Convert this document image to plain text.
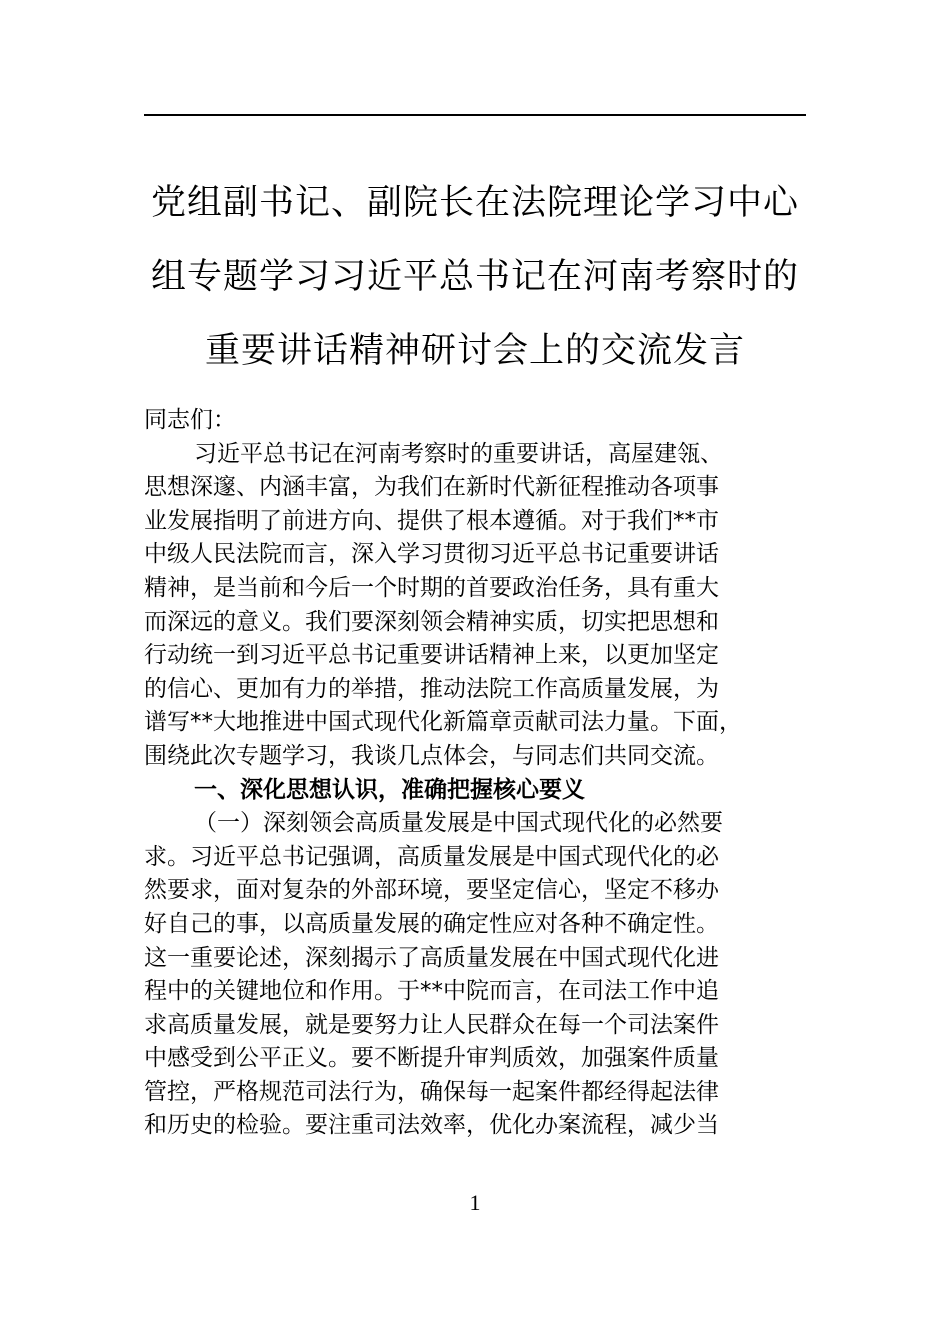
党组副书记、副院长在法院理论学习中心
组专题学习习近平总书记在河南考察时的
重要讲话精神研讨会上的交流发言
同志们：
习近平总书记在河南考察时的重要讲话，高屋建瓴、
思想深邃、内涵丰富，为我们在新时代新征程推动各项事
业发展指明了前进方向、提供了根本遵循。对于我们**市
中级人民法院而言，深入学习贯彻习近平总书记重要讲话
精神，是当前和今后一个时期的首要政治任务，具有重大
而深远的意义。我们要深刻领会精神实质，切实把思想和
行动统一到习近平总书记重要讲话精神上来，以更加坚定
的信心、更加有力的举措，推动法院工作高质量发展，为
谱写**大地推进中国式现代化新篇章贡献司法力量。下面，
围绕此次专题学习，我谈几点体会，与同志们共同交流。
一、深化思想认识，准确把握核心要义
（一）深刻领会高质量发展是中国式现代化的必然要
求。习近平总书记强调，高质量发展是中国式现代化的必
然要求，面对复杂的外部环境，要坚定信心，坚定不移办
好自己的事，以高质量发展的确定性应对各种不确定性。
这一重要论述，深刻揭示了高质量发展在中国式现代化进
程中的关键地位和作用。于**中院而言，在司法工作中追
求高质量发展，就是要努力让人民群众在每一个司法案件
中感受到公平正义。要不断提升审判质效，加强案件质量
管控，严格规范司法行为，确保每一起案件都经得起法律
和历史的检验。要注重司法效率，优化办案流程，减少当
1
